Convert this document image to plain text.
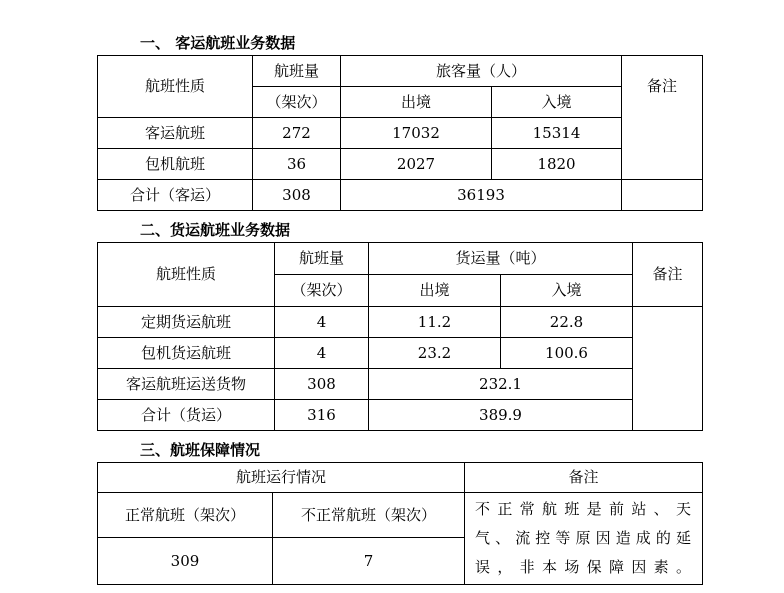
一、 客运航班业务数据
航班性质	航班量	旅客量（人）		备注
	（架次）	出境	入境	
客运航班	272	17032	15314	
包机航班	36	2027	1820	
合计（客运）	308	36193		
二、货运航班业务数据
航班性质	航班量	货运量（吨）		备注
	（架次）	出境	入境	
定期货运航班	4	11.2	22.8	
包机货运航班	4	23.2	100.6	
客运航班运送货物	308	232.1		
合计（货运）	316	389.9		
三、航班保障情况
航班运行情况		备注
正常航班（架次）	不正常航班（架次）	不正常航班是前站、天
气、流控等原因造成的延
误，非本场保障因素。

309	7	
